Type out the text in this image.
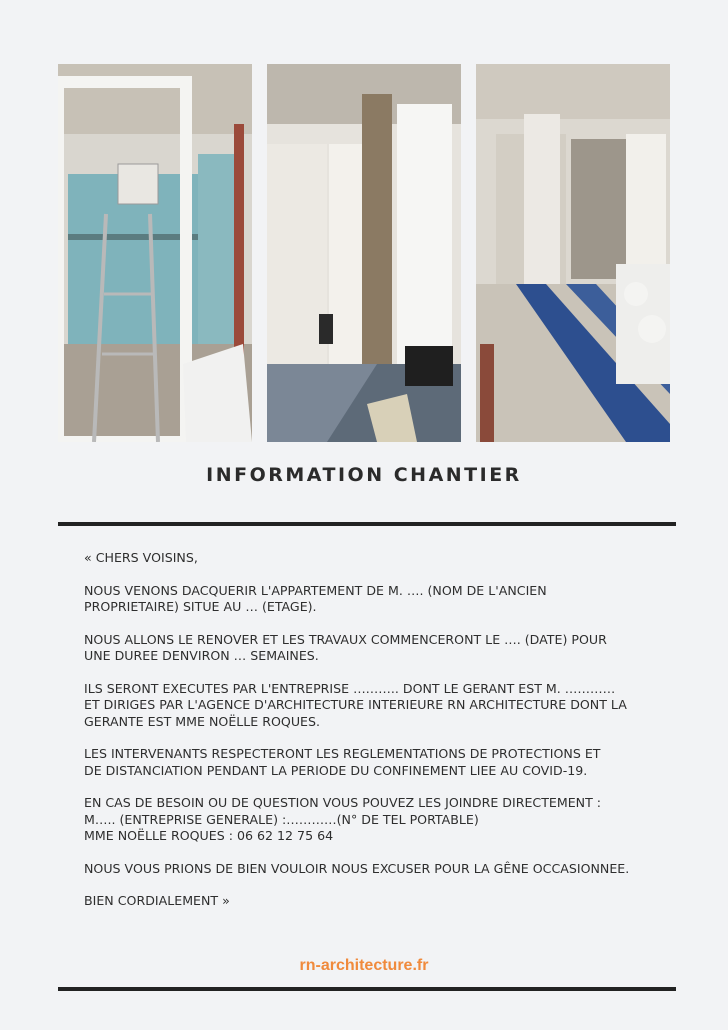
INFORMATION CHANTIER

« CHERS VOISINS,

NOUS VENONS DACQUERIR L'APPARTEMENT DE M. …. (NOM DE L'ANCIEN
PROPRIETAIRE) SITUE AU … (ETAGE).

NOUS ALLONS LE RENOVER ET LES TRAVAUX COMMENCERONT LE …. (DATE) POUR
UNE DUREE DENVIRON … SEMAINES.

ILS SERONT EXECUTES PAR L'ENTREPRISE ……….. DONT LE GERANT EST M. …………
ET DIRIGES PAR L'AGENCE D'ARCHITECTURE INTERIEURE RN ARCHITECTURE DONT LA
GERANTE EST MME NOËLLE ROQUES.

LES INTERVENANTS RESPECTERONT LES REGLEMENTATIONS DE PROTECTIONS ET
DE DISTANCIATION PENDANT LA PERIODE DU CONFINEMENT LIEE AU COVID-19.

EN CAS DE BESOIN OU DE QUESTION VOUS POUVEZ LES JOINDRE DIRECTEMENT :
M….. (ENTREPRISE GENERALE) :…………(N° DE TEL PORTABLE)
MME NOËLLE ROQUES : 06 62 12 75 64

NOUS VOUS PRIONS DE BIEN VOULOIR NOUS EXCUSER POUR LA GÊNE OCCASIONNEE.

BIEN CORDIALEMENT »

rn-architecture.fr
